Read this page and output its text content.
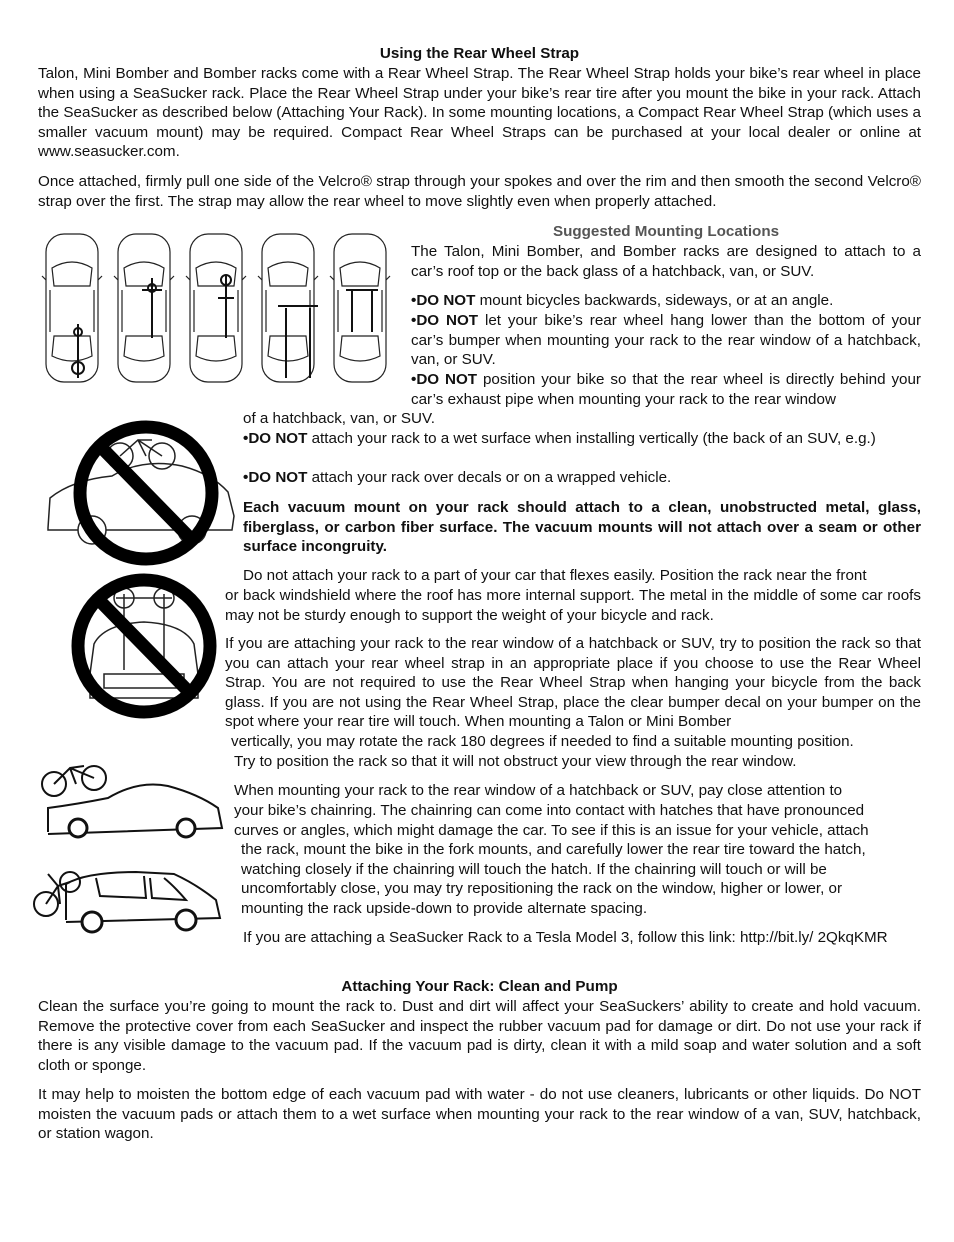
Using the Rear Wheel Strap

Talon, Mini Bomber and Bomber racks come with a Rear Wheel Strap. The Rear Wheel Strap holds your bike’s rear wheel in place when using a SeaSucker rack. Place the Rear Wheel Strap under your bike’s rear tire after you mount the bike in your rack. Attach the SeaSucker as described below (Attaching Your Rack). In some mounting locations, a Compact Rear Wheel Strap (which uses a smaller vacuum mount) may be required. Compact Rear Wheel Straps can be purchased at your local dealer or online at www.seasucker.com.

Once attached, firmly pull one side of the Velcro® strap through your spokes and over the rim and then smooth the second Velcro® strap over the first. The strap may allow the rear wheel to move slightly even when properly attached.

Suggested Mounting Locations

The Talon, Mini Bomber, and Bomber racks are designed to attach to a car’s roof top or the back glass of a hatchback, van, or SUV.

•DO NOT mount bicycles backwards, sideways, or at an angle.

•DO NOT let your bike’s rear wheel hang lower than the bottom of your car’s bumper when mounting your rack to the rear window of a hatchback, van, or SUV.

•DO NOT position your bike so that the rear wheel is directly behind your car’s exhaust pipe when mounting your rack to the rear window

of a hatchback, van, or SUV.

•DO NOT attach your rack to a wet surface when installing vertically (the back of an SUV, e.g.)

•DO NOT attach your rack over decals or on a wrapped vehicle.

Each vacuum mount on your rack should attach to a clean, unobstructed metal, glass, fiberglass, or carbon fiber surface. The vacuum mounts will not attach over a seam or other surface incongruity.

Do not attach your rack to a part of your car that flexes easily. Position the rack near the front

or back windshield where the roof has more internal support. The metal in the middle of some car roofs may not be sturdy enough to support the weight of your bicycle and rack.

If you are attaching your rack to the rear window of a hatchback or SUV, try to position the rack so that you can attach your rear wheel strap in an appropriate place if you choose to use the Rear Wheel Strap. You are not required to use the Rear Wheel Strap when hanging your bicycle from the back glass. If you are not using the Rear Wheel Strap, place the clear bumper decal on your bumper on the spot where your rear tire will touch. When mounting a Talon or Mini Bomber

vertically, you may rotate the rack 180 degrees if needed to find a suitable mounting position.

Try to position the rack so that it will not obstruct your view through the rear window.

When mounting your rack to the rear window of a hatchback or SUV, pay close attention to

your bike’s chainring. The chainring can come into contact with hatches that have pronounced

curves or angles, which might damage the car. To see if this is an issue for your vehicle, attach

the rack, mount the bike in the fork mounts, and carefully lower the rear tire toward the hatch,

watching closely if the chainring will touch the hatch. If the chainring will touch or will be

uncomfortably close, you may try repositioning the rack on the window, higher or lower, or

mounting the rack upside-down to provide alternate spacing.

If you are attaching a SeaSucker Rack to a Tesla Model 3, follow this link: http://bit.ly/ 2QkqKMR

Attaching Your Rack: Clean and Pump

Clean the surface you’re going to mount the rack to. Dust and dirt will affect your SeaSuckers’ ability to create and hold vacuum. Remove the protective cover from each SeaSucker and inspect the rubber vacuum pad for damage or dirt. Do not use your rack if there is any visible damage to the vacuum pad. If the vacuum pad is dirty, clean it with a mild soap and water solution and a soft cloth or sponge.

It may help to moisten the bottom edge of each vacuum pad with water - do not use cleaners, lubricants or other liquids. Do NOT moisten the vacuum pads or attach them to a wet surface when mounting your rack to the rear window of a van, SUV, hatchback, or station wagon.
